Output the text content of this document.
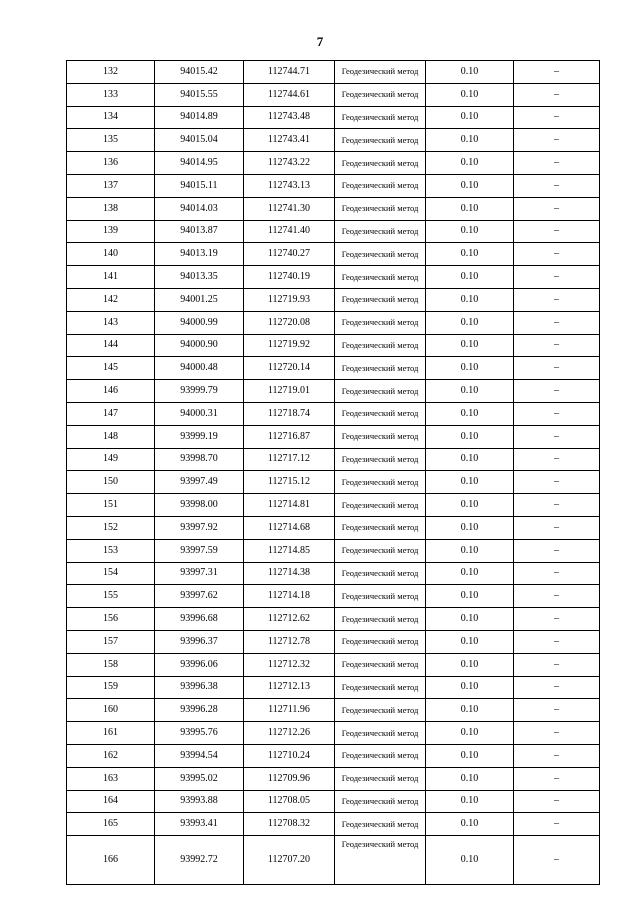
7
132	94015.42	112744.71	Геодезический метод	0.10	–
133	94015.55	112744.61	Геодезический метод	0.10	–
134	94014.89	112743.48	Геодезический метод	0.10	–
135	94015.04	112743.41	Геодезический метод	0.10	–
136	94014.95	112743.22	Геодезический метод	0.10	–
137	94015.11	112743.13	Геодезический метод	0.10	–
138	94014.03	112741.30	Геодезический метод	0.10	–
139	94013.87	112741.40	Геодезический метод	0.10	–
140	94013.19	112740.27	Геодезический метод	0.10	–
141	94013.35	112740.19	Геодезический метод	0.10	–
142	94001.25	112719.93	Геодезический метод	0.10	–
143	94000.99	112720.08	Геодезический метод	0.10	–
144	94000.90	112719.92	Геодезический метод	0.10	–
145	94000.48	112720.14	Геодезический метод	0.10	–
146	93999.79	112719.01	Геодезический метод	0.10	–
147	94000.31	112718.74	Геодезический метод	0.10	–
148	93999.19	112716.87	Геодезический метод	0.10	–
149	93998.70	112717.12	Геодезический метод	0.10	–
150	93997.49	112715.12	Геодезический метод	0.10	–
151	93998.00	112714.81	Геодезический метод	0.10	–
152	93997.92	112714.68	Геодезический метод	0.10	–
153	93997.59	112714.85	Геодезический метод	0.10	–
154	93997.31	112714.38	Геодезический метод	0.10	–
155	93997.62	112714.18	Геодезический метод	0.10	–
156	93996.68	112712.62	Геодезический метод	0.10	–
157	93996.37	112712.78	Геодезический метод	0.10	–
158	93996.06	112712.32	Геодезический метод	0.10	–
159	93996.38	112712.13	Геодезический метод	0.10	–
160	93996.28	112711.96	Геодезический метод	0.10	–
161	93995.76	112712.26	Геодезический метод	0.10	–
162	93994.54	112710.24	Геодезический метод	0.10	–
163	93995.02	112709.96	Геодезический метод	0.10	–
164	93993.88	112708.05	Геодезический метод	0.10	–
165	93993.41	112708.32	Геодезический метод	0.10	–
166	93992.72	112707.20	Геодезический метод	0.10	–
